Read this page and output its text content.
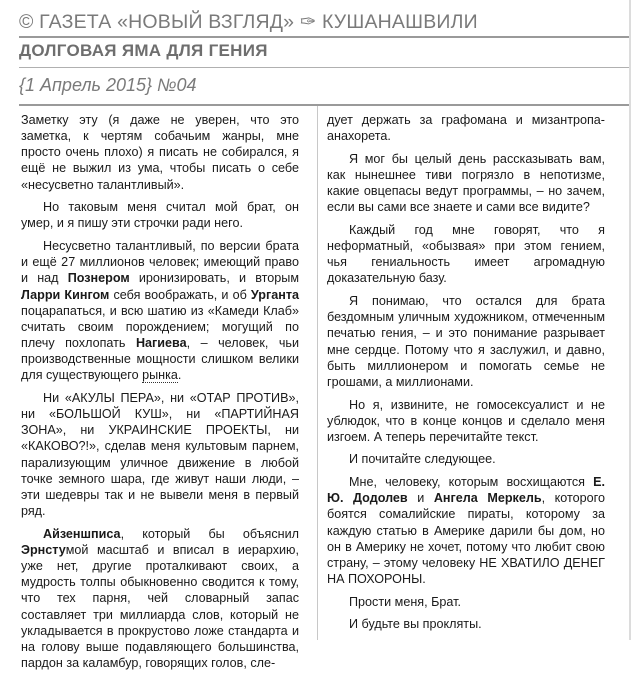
© ГАЗЕТА «НОВЫЙ ВЗГЛЯД» ✑ КУШАНАШВИЛИ
ДОЛГОВАЯ ЯМА ДЛЯ ГЕНИЯ
{1 Апрель 2015} №04

Заметку эту (я даже не уверен, что это заметка, к чертям собачьим жанры, мне просто очень плохо) я писать не собирался, я ещё не выжил из ума, чтобы писать о себе «несусветно талантливый».

Но таковым меня считал мой брат, он умер, и я пишу эти строчки ради него.

Несусветно талантливый, по версии брата и ещё 27 миллионов человек; имеющий право и над Познером иронизировать, и вторым Ларри Кингом себя воображать, и об Урганта поцарапаться, и всю шатию из «Камеди Клаб» считать своим порождением; могущий по плечу похлопать Нагиева, – человек, чьи производственные мощности слишком велики для существующего рынка.

Ни «АКУЛЫ ПЕРА», ни «ОТАР ПРОТИВ», ни «БОЛЬШОЙ КУШ», ни «ПАРТИЙНАЯ ЗОНА», ни УКРАИНСКИЕ ПРОЕКТЫ, ни «КАКОВО?!», сделав меня культовым парнем, парализующим уличное движение в любой точке земного шара, где живут наши люди, – эти шедевры так и не вывели меня в первый ряд.

Айзеншписа, который бы объяснил Эрнстумой масштаб и вписал в иерархию, уже нет, другие проталкивают своих, а мудрость толпы обыкновенно сводится к тому, что тех парня, чей словарный запас составляет три миллиарда слов, который не укладывается в прокрустово ложе стандарта и на голову выше подавляющего большинства, пардон за каламбур, говорящих голов, сле-

дует держать за графомана и мизантропа-анахорета.

Я мог бы целый день рассказывать вам, как нынешнее тиви погрязло в непотизме, какие овцепасы ведут программы, – но зачем, если вы сами все знаете и сами все видите?

Каждый год мне говорят, что я неформатный, «обызвая» при этом гением, чья гениальность имеет агромадную доказательную базу.

Я понимаю, что остался для брата бездомным уличным художником, отмеченным печатью гения, – и это понимание разрывает мне сердце. Потому что я заслужил, и давно, быть миллионером и помогать семье не грошами, а миллионами.

Но я, извините, не гомосексуалист и не ублюдок, что в конце концов и сделало меня изгоем. А теперь перечитайте текст.

И почитайте следующее.

Мне, человеку, которым восхищаются Е. Ю. Додолев и Ангела Меркель, которого боятся сомалийские пираты, которому за каждую статью в Америке дарили бы дом, но он в Америку не хочет, потому что любит свою страну, – этому человеку НЕ ХВАТИЛО ДЕНЕГ НА ПОХОРОНЫ.

Прости меня, Брат.

И будьте вы прокляты.
